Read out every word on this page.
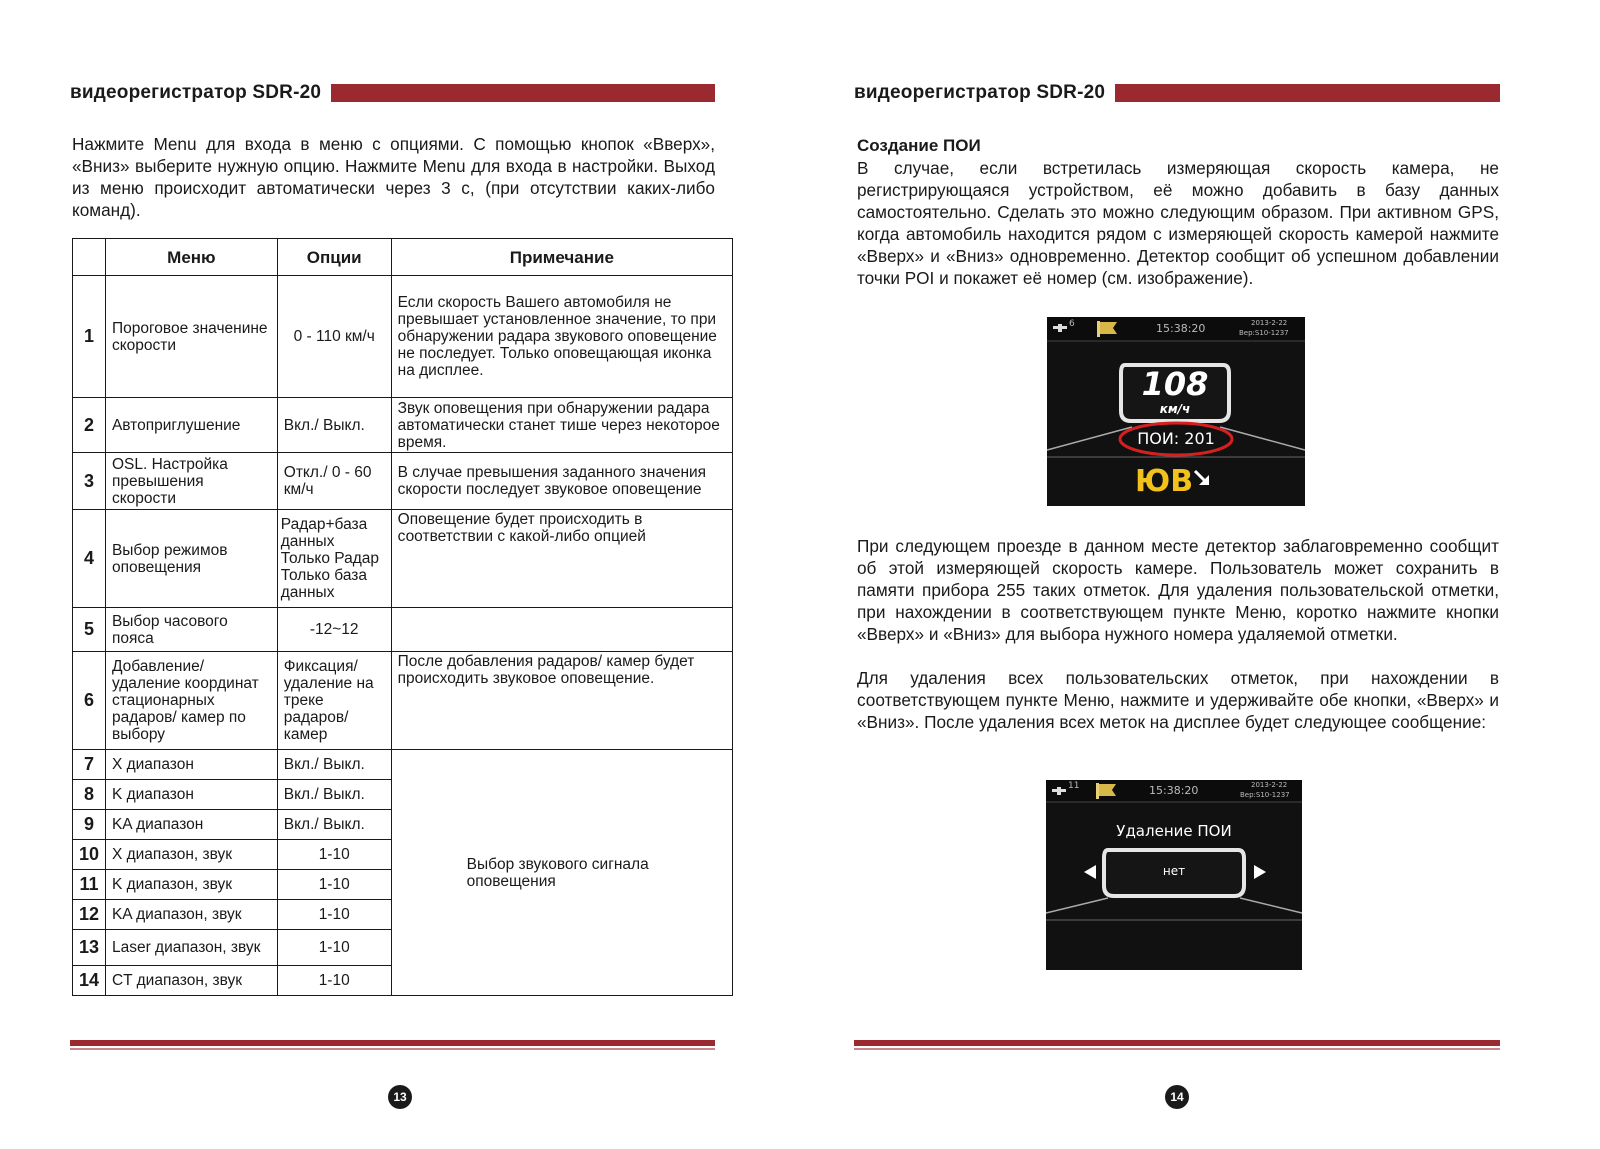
видеорегистратор SDR-20
Нажмите Menu для входа в меню с опциями. С помощью кнопок «Вверх», «Вниз» выберите нужную опцию. Нажмите Menu для входа в настройки. Выход из меню происходит автоматически через 3 с, (при отсутствии каких-либо команд).
	Меню	Опции	Примечание
1	Пороговое значенине скорости	0 - 110 км/ч	Если скорость Вашего автомобиля не превышает установленное значение, то при обнаружении радара звукового оповещение не последует. Только оповещающая иконка на дисплее.
2	Автоприглушение	Вкл./ Выкл.	Звук оповещения при обнаружении радара автоматически станет тише через некоторое время.
3	OSL. Настройка превышения скорости	Откл./ 0 - 60 км/ч	В случае превышения заданного значения скорости последует звуковое оповещение
4	Выбор режимов оповещения	Радар+база данных Только Радар Только база данных	Оповещение будет происходить в соответствии с какой-либо опцией
5	Выбор часового пояса	-12~12	
6	Добавление/ удаление координат стационарных радаров/ камер по выбору	Фиксация/ удаление на треке радаров/ камер	После добавления радаров/ камер будет происходить звуковое оповещение.
7	X диапазон	Вкл./ Выкл.	Выбор звукового сигнала оповещения
8	K диапазон	Вкл./ Выкл.	
9	KA диапазон	Вкл./ Выкл.	
10	X диапазон, звук	1-10	
11	K диапазон, звук	1-10	
12	KA диапазон, звук	1-10	
13	Laser диапазон, звук	1-10	
14	CT диапазон, звук	1-10	
13
видеорегистратор SDR-20
Создание ПОИ
В случае, если встретилась измеряющая скорость камера, не регистрирующаяся устройством, её можно добавить в базу данных самостоятельно. Сделать это можно следующим образом. При активном GPS, когда автомобиль находится рядом с измеряющей скорость камерой нажмите «Вверх» и «Вниз» одновременно. Детектор сообщит об успешном добавлении точки POI и покажет её номер (см. изображение).
6	15:38:20	2013-2-22
Bep:S10-1237
108
км/ч
ПОИ: 201
ЮВ
При следующем проезде в данном месте детектор заблаговременно сообщит об этой измеряющей скорость камере. Пользователь может сохранить в памяти прибора 255 таких отметок. Для удаления пользовательской отметки, при нахождении в соответствующем пункте Меню, коротко нажмите кнопки «Вверх» и «Вниз» для выбора нужного номера удаляемой отметки.
Для удаления всех пользовательских отметок, при нахождении в соответствующем пункте Меню, нажмите и удерживайте обе кнопки, «Вверх» и «Вниз». После удаления всех меток на дисплее будет следующее сообщение:
11	15:38:20	2013-2-22
Bep:S10-1237
Удаление ПОИ
нет
14
